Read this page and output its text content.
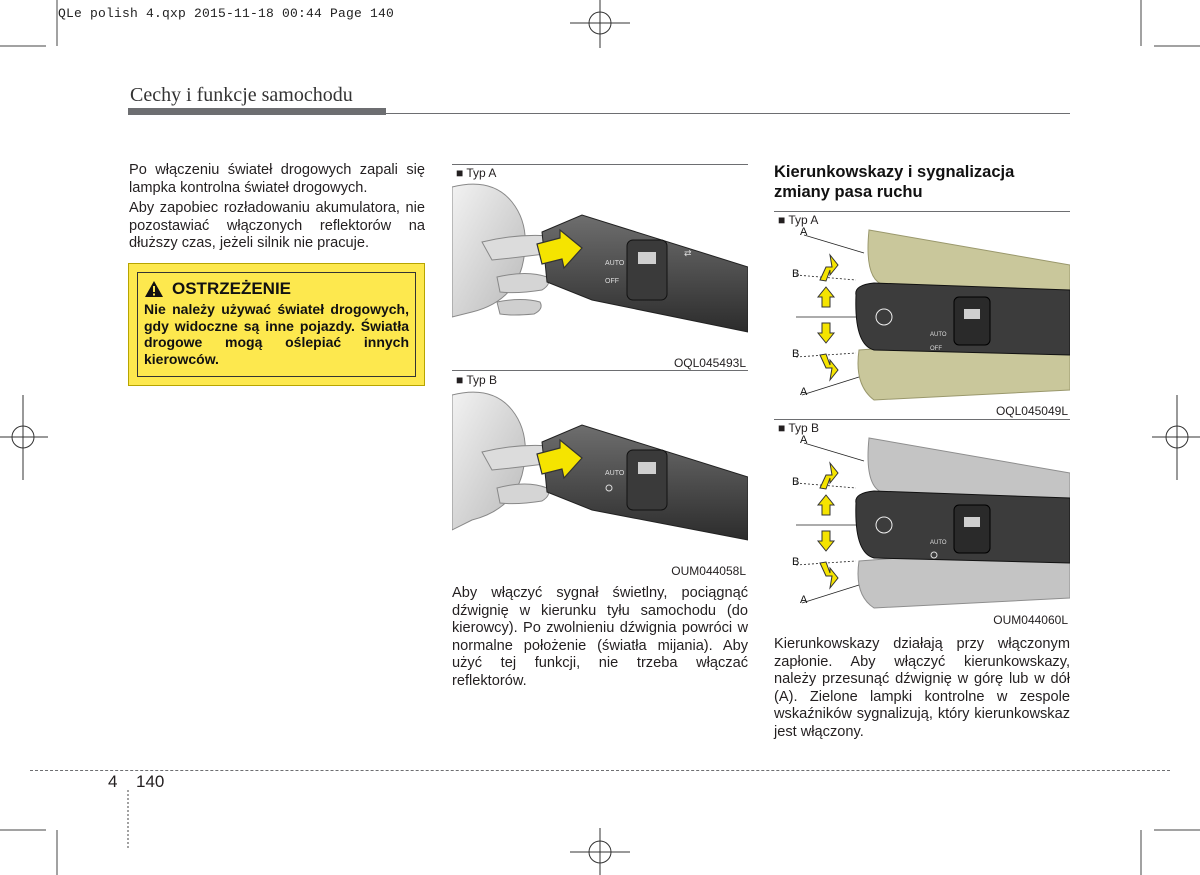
QLe polish 4.qxp 2015-11-18 00:44 Page 140
Cechy i funkcje samochodu
Po włączeniu świateł drogowych zapali się lampka kontrolna świateł drogowych.
Aby zapobiec rozładowaniu akumulatora, nie pozostawiać włączonych reflektorów na dłuższy czas, jeżeli silnik nie pracuje.
OSTRZEŻENIE
Nie należy używać świateł drogowych, gdy widoczne są inne pojazdy. Światła drogowe mogą oślepiać innych kierowców.
■ Typ A
AUTO
OFF
⇄
OQL045493L
■ Typ B
AUTO
OUM044058L
Aby włączyć sygnał świetlny, pociągnąć dźwignię w kierunku tyłu samochodu (do kierowcy). Po zwolnieniu dźwignia powróci w normalne położenie (światła mijania). Aby użyć tej funkcji, nie trzeba włączać reflektorów.
Kierunkowskazy i sygnalizacja zmiany pasa ruchu
■ Typ A
AUTO
OFF
A
B
B
A
OQL045049L
■ Typ B
AUTO
A
B
B
A
OUM044060L
Kierunkowskazy działają przy włączonym zapłonie. Aby włączyć kierunkowskazy, należy przesunąć dźwignię w górę lub w dół (A). Zielone lampki kontrolne w zespole wskaźników sygnalizują, który kierunkowskaz jest włączony.
4 140
